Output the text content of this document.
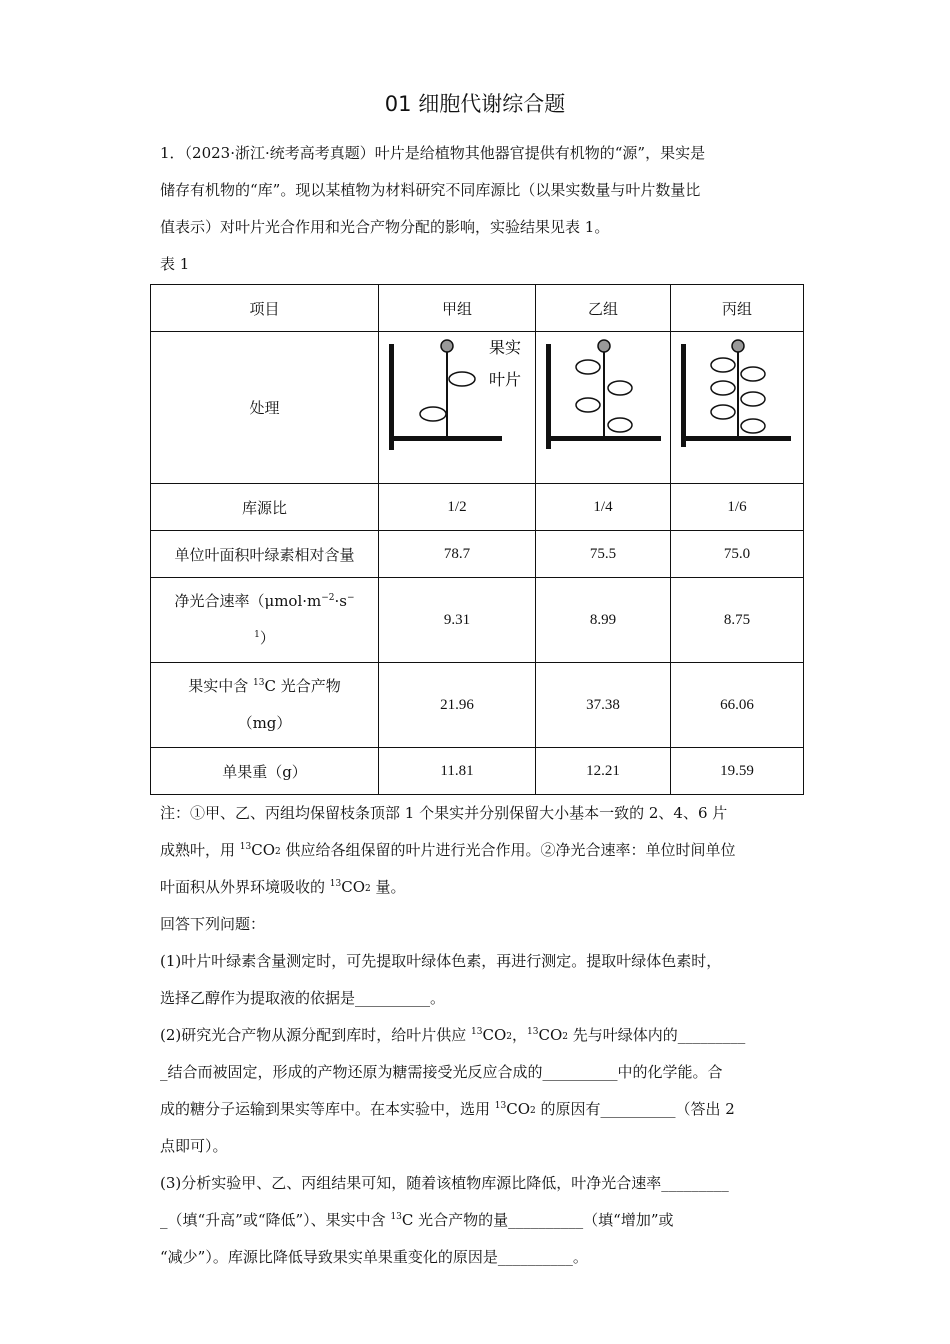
01 细胞代谢综合题
1．（2023·浙江·统考高考真题）叶片是给植物其他器官提供有机物的“源”，果实是
储存有机物的“库”。现以某植物为材料研究不同库源比（以果实数量与叶片数量比
值表示）对叶片光合作用和光合产物分配的影响，实验结果见表 1。
表 1
项目	甲组	乙组	丙组
处理	果实
叶片

库源比	1/2	1/4	1/6
单位叶面积叶绿素相对含量	78.7	75.5	75.0
净光合速率（$\mu mol\cdot m^{-2}\cdot s^-$
$^1$）	9.31	8.99	8.75
果实中含 $^{13}$C 光合产物
（mg）	21.96	37.38	66.06
单果重（g）	11.81	12.21	19.59
注：①甲、乙、丙组均保留枝条顶部 1 个果实并分别保留大小基本一致的 2、4、6 片
成熟叶，用 $^{13}CO_2$ 供应给各组保留的叶片进行光合作用。②净光合速率：单位时间单位
叶面积从外界环境吸收的 $^{13}CO_2$ 量。
回答下列问题：
(1)叶片叶绿素含量测定时，可先提取叶绿体色素，再进行测定。提取叶绿体色素时，
选择乙醇作为提取液的依据是__________。
(2)研究光合产物从源分配到库时，给叶片供应 $^{13}CO_2$，$^{13}CO_2$ 先与叶绿体内的_________
_结合而被固定，形成的产物还原为糖需接受光反应合成的__________中的化学能。合
成的糖分子运输到果实等库中。在本实验中，选用 $^{13}CO_2$ 的原因有__________（答出 2
点即可）。
(3)分析实验甲、乙、丙组结果可知，随着该植物库源比降低，叶净光合速率_________
_（填“升高”或“降低”）、果实中含 $^{13}$C 光合产物的量__________（填“增加”或
“减少”）。库源比降低导致果实单果重变化的原因是__________。
